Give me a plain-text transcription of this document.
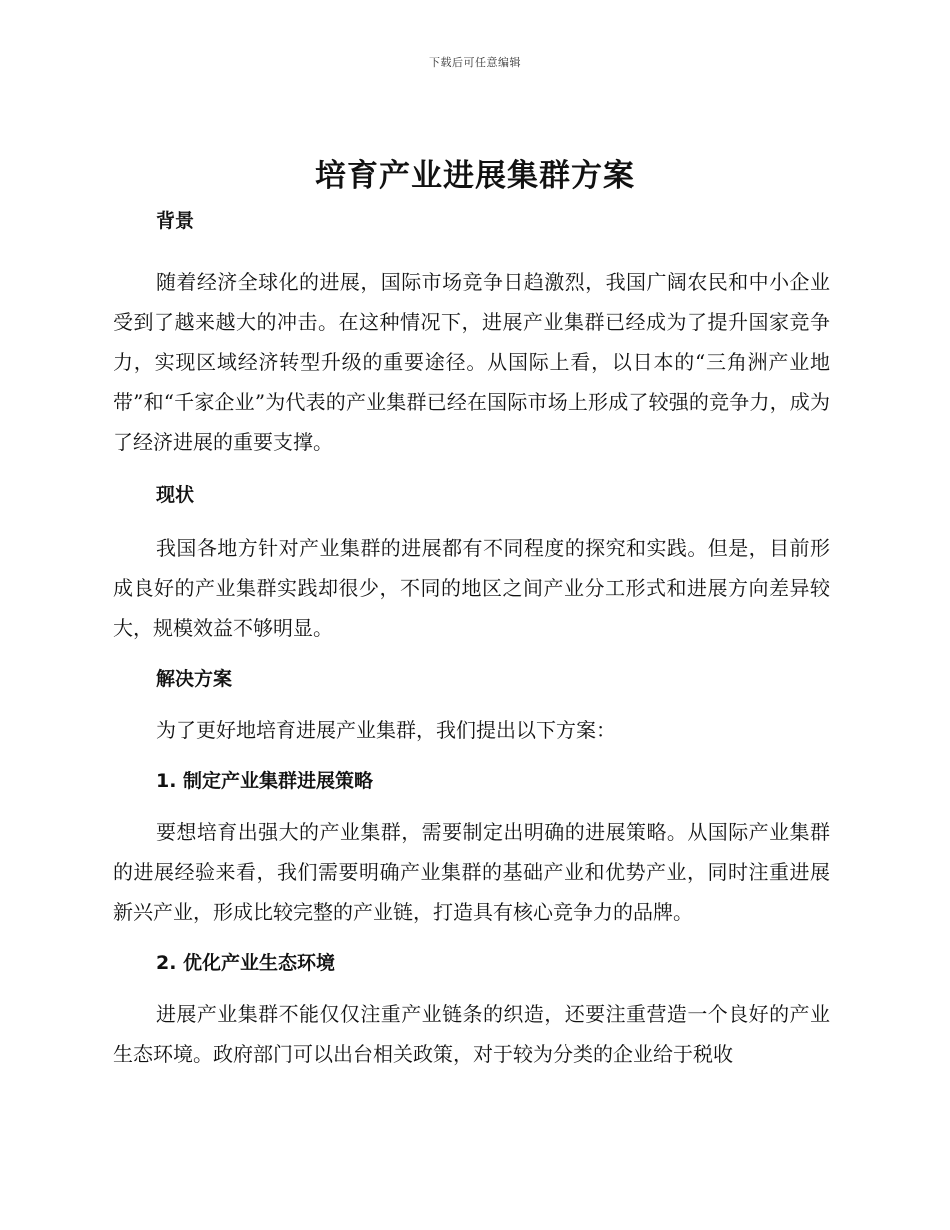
下载后可任意编辑
培育产业进展集群方案
背景

随着经济全球化的进展，国际市场竞争日趋激烈，我国广阔农民和中小企业受到了越来越大的冲击。在这种情况下，进展产业集群已经成为了提升国家竞争力，实现区域经济转型升级的重要途径。从国际上看，以日本的“三角洲产业地带”和“千家企业”为代表的产业集群已经在国际市场上形成了较强的竞争力，成为了经济进展的重要支撑。

现状

我国各地方针对产业集群的进展都有不同程度的探究和实践。但是，目前形成良好的产业集群实践却很少，不同的地区之间产业分工形式和进展方向差异较大，规模效益不够明显。

解决方案

为了更好地培育进展产业集群，我们提出以下方案：

1. 制定产业集群进展策略

要想培育出强大的产业集群，需要制定出明确的进展策略。从国际产业集群的进展经验来看，我们需要明确产业集群的基础产业和优势产业，同时注重进展新兴产业，形成比较完整的产业链，打造具有核心竞争力的品牌。

2. 优化产业生态环境

进展产业集群不能仅仅注重产业链条的织造，还要注重营造一个良好的产业生态环境。政府部门可以出台相关政策，对于较为分类的企业给于税收
